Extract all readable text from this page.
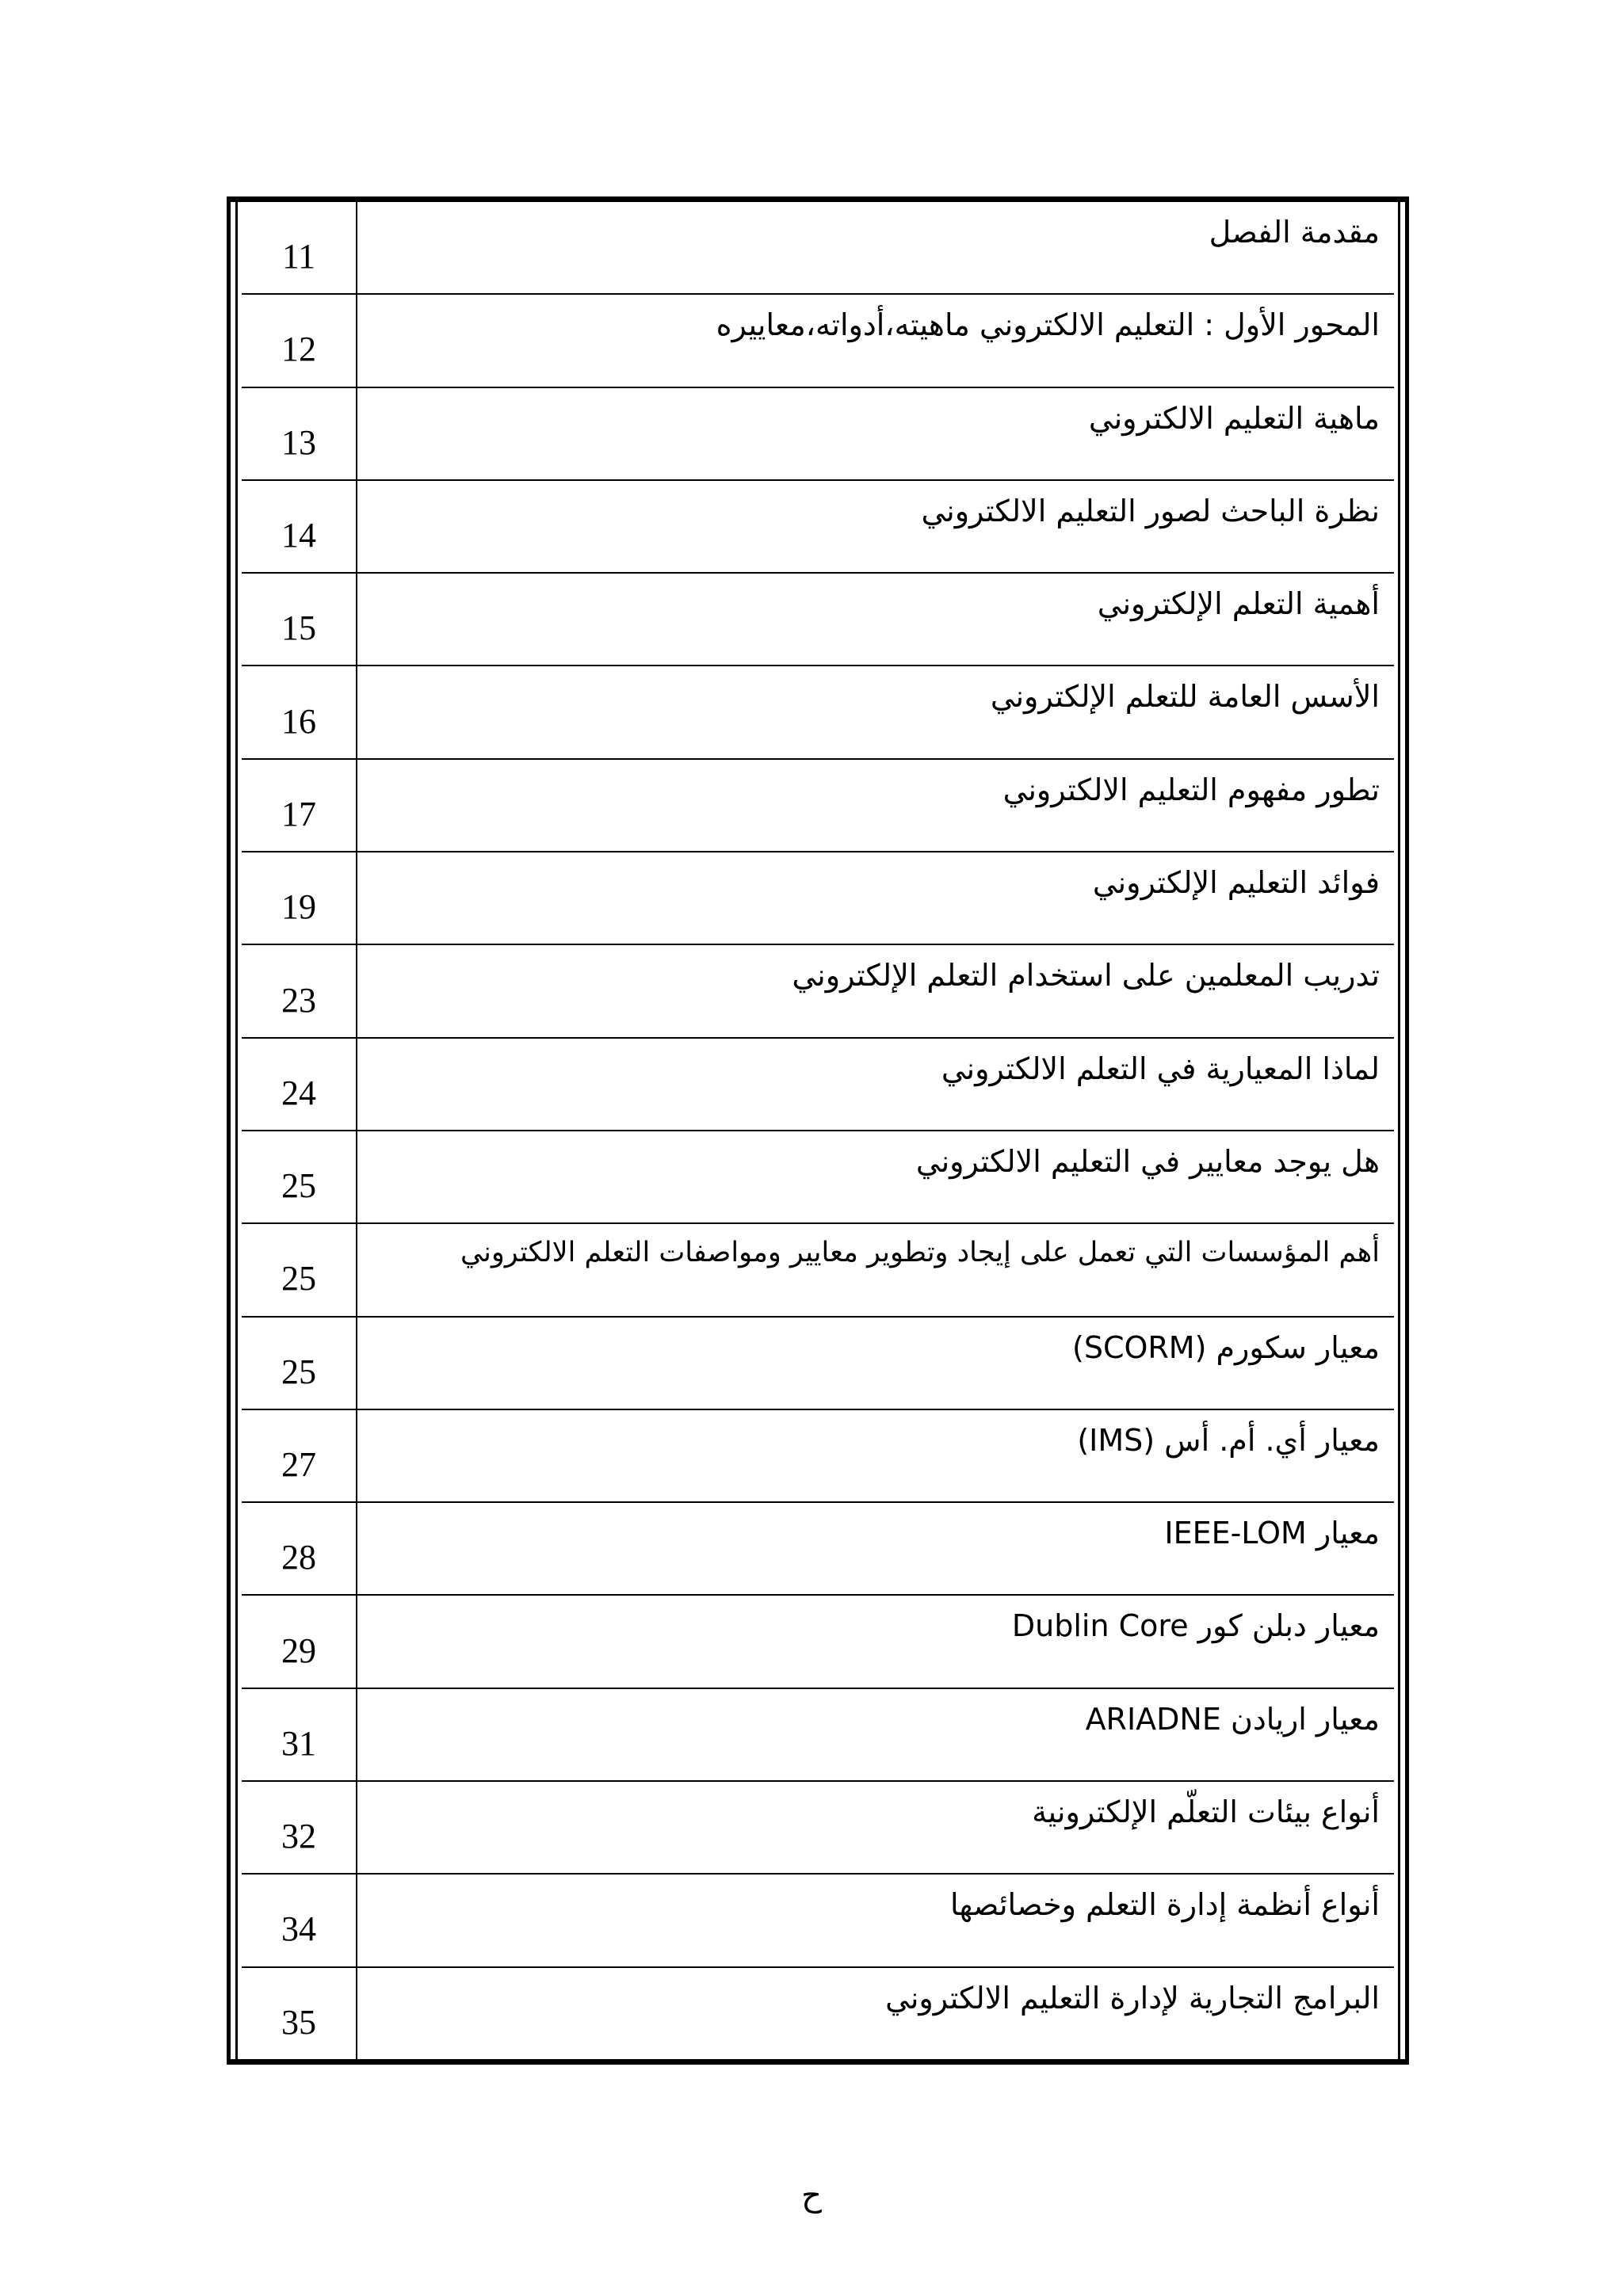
11
مقدمة الفصل
12
المحور الأول : التعليم الالكتروني ماهيته،أدواته،معاييره
13
ماهية التعليم الالكتروني
14
نظرة الباحث لصور التعليم الالكتروني
15
أهمية التعلم الإلكتروني
16
الأسس العامة للتعلم الإلكتروني
17
تطور مفهوم التعليم الالكتروني
19
فوائد التعليم الإلكتروني
23
تدريب المعلمين على استخدام التعلم الإلكتروني
24
لماذا المعيارية في التعلم الالكتروني
25
هل يوجد معايير في التعليم الالكتروني
25
أهم المؤسسات التي تعمل على إيجاد وتطوير معايير ومواصفات التعلم الالكتروني
25
معيار سكورم (SCORM)
27
معيار أي. أم. أس (IMS)
28
معيار IEEE-LOM
29
معيار دبلن كور Dublin Core
31
معيار اريادن ARIADNE
32
أنواع بيئات التعلّم الإلكترونية
34
أنواع أنظمة إدارة التعلم وخصائصها
35
البرامج التجارية لإدارة التعليم الالكتروني
ح
